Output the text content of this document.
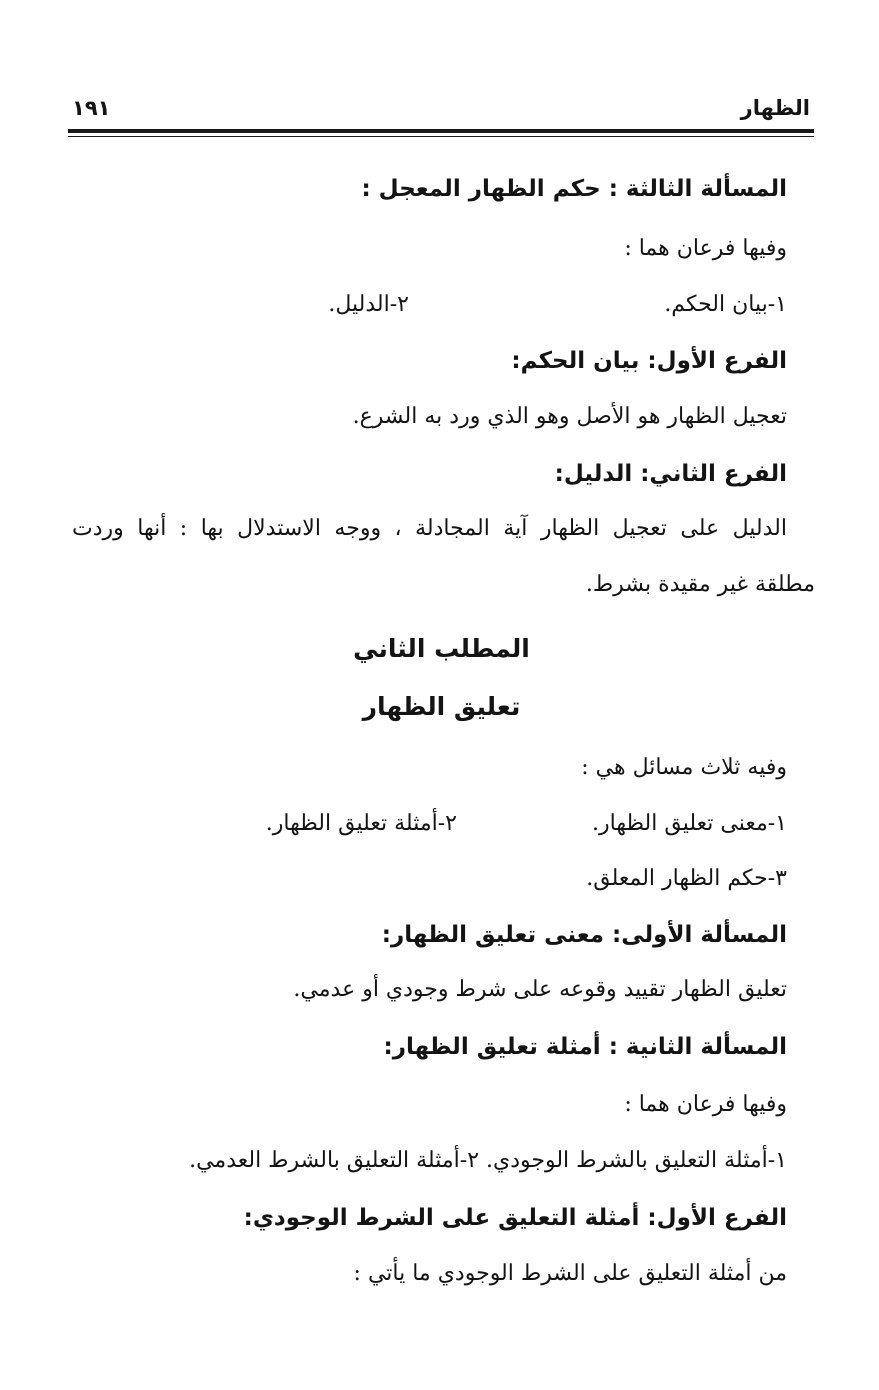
الظهار
١٩١
المسألة الثالثة : حكم الظهار المعجل :
وفيها فرعان هما :
١-بيان الحكم.
٢-الدليل.
الفرع الأول: بيان الحكم:
تعجيل الظهار هو الأصل وهو الذي ورد به الشرع.
الفرع الثاني: الدليل:
الدليل على تعجيل الظهار آية المجادلة ، ووجه الاستدلال بها : أنها وردت
مطلقة غير مقيدة بشرط.
المطلب الثاني
تعليق الظهار
وفيه ثلاث مسائل هي :
١-معنى تعليق الظهار.
٢-أمثلة تعليق الظهار.
٣-حكم الظهار المعلق.
المسألة الأولى: معنى تعليق الظهار:
تعليق الظهار تقييد وقوعه على شرط وجودي أو عدمي.
المسألة الثانية : أمثلة تعليق الظهار:
وفيها فرعان هما :
١-أمثلة التعليق بالشرط الوجودي. ٢-أمثلة التعليق بالشرط العدمي.
الفرع الأول: أمثلة التعليق على الشرط الوجودي:
من أمثلة التعليق على الشرط الوجودي ما يأتي :
